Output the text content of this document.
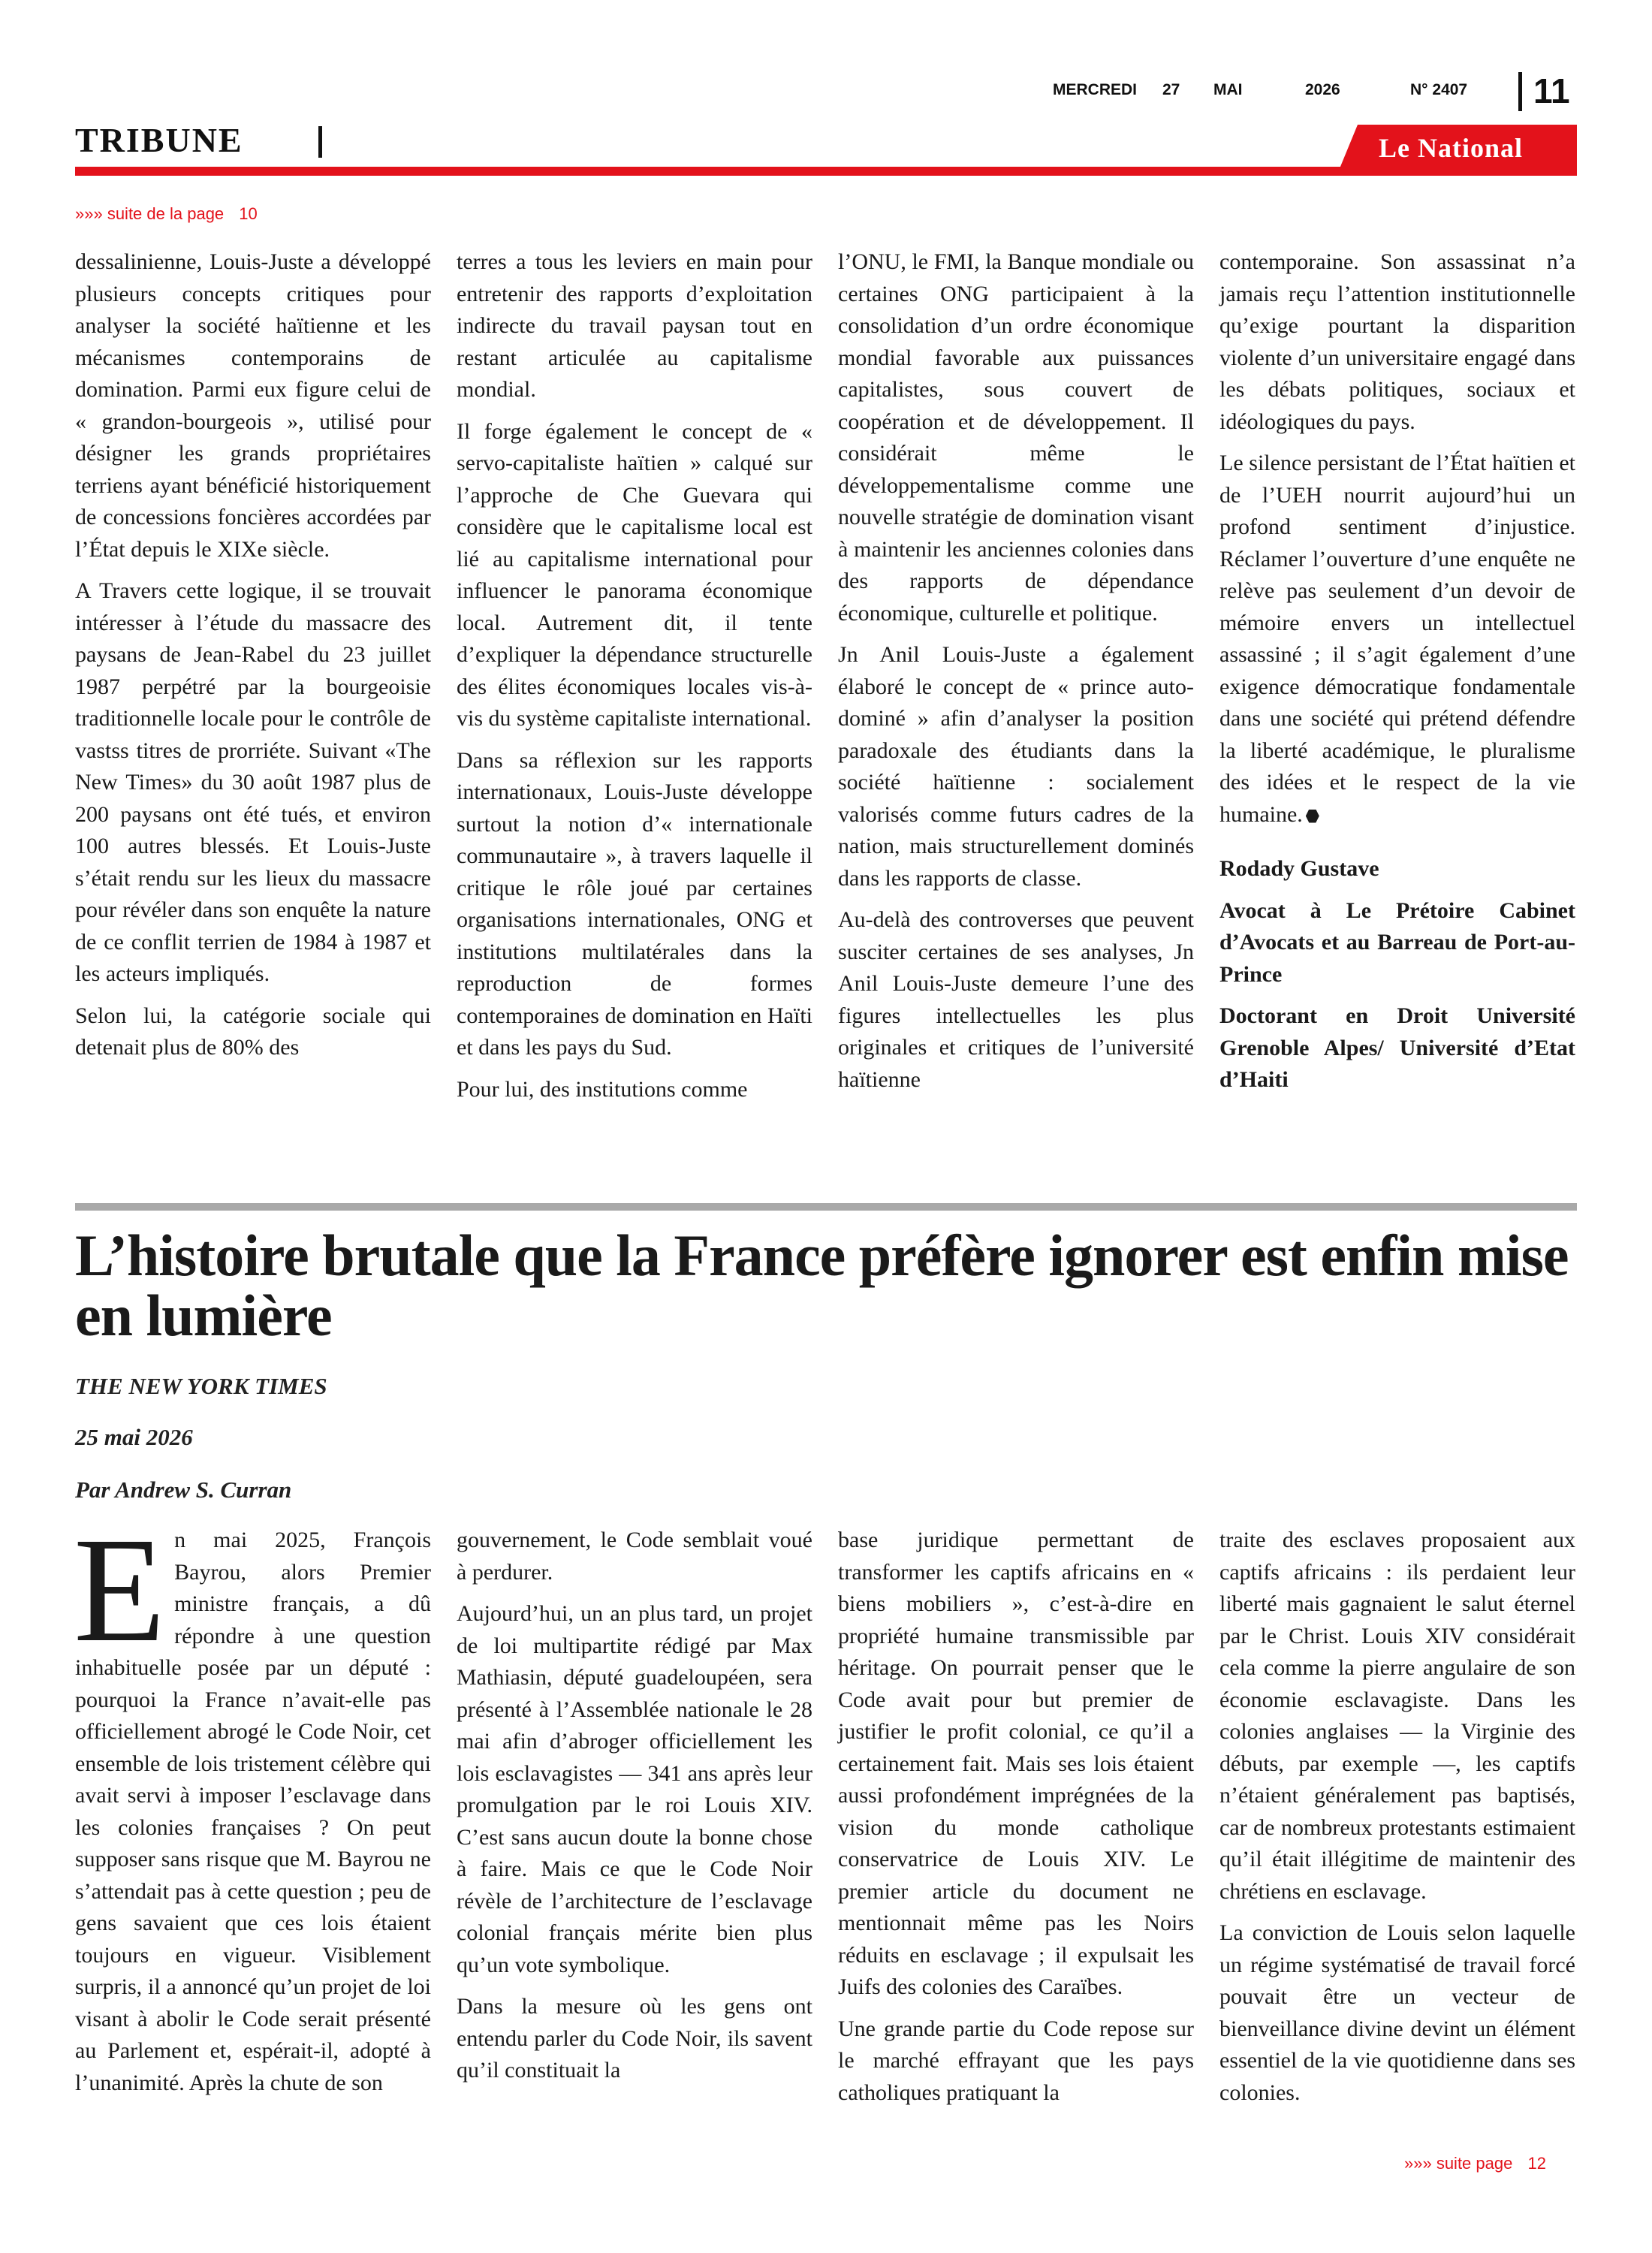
MERCREDI 27 MAI	2026	N° 2407 11
TRIBUNE	Le National
»»» suite de la page 10

dessalinienne, Louis-Juste a développé plusieurs concepts critiques pour analyser la société haïtienne et les mécanismes contemporains de domination. Parmi eux figure celui de « grandon-bourgeois », utilisé pour désigner les grands propriétaires terriens ayant bénéficié historiquement de concessions foncières accordées par l’État depuis le XIXe siècle.

A Travers cette logique, il se trouvait intéresser à l’étude du massacre des paysans de Jean-Rabel du 23 juillet 1987 perpétré par la bourgeoisie traditionnelle locale pour le contrôle de vastss titres de prorriéte. Suivant «The New Times» du 30 août 1987 plus de 200 paysans ont été tués, et environ 100 autres blessés. Et Louis-Juste s’était rendu sur les lieux du massacre pour révéler dans son enquête la nature de ce conflit terrien de 1984 à 1987 et les acteurs impliqués.

Selon lui, la catégorie sociale qui detenait plus de 80% des

terres a tous les leviers en main pour entretenir des rapports d’exploitation indirecte du travail paysan tout en restant articulée au capitalisme mondial.

Il forge également le concept de « servo-capitaliste haïtien » calqué sur l’approche de Che Guevara qui considère que le capitalisme local est lié au capitalisme international pour influencer le panorama économique local. Autrement dit, il tente d’expliquer la dépendance structurelle des élites économiques locales vis-à-vis du système capitaliste international.

Dans sa réflexion sur les rapports internationaux, Louis-Juste développe surtout la notion d’« internationale communautaire », à travers laquelle il critique le rôle joué par certaines organisations internationales, ONG et institutions multilatérales dans la reproduction de formes contemporaines de domination en Haïti et dans les pays du Sud.

Pour lui, des institutions comme

l’ONU, le FMI, la Banque mondiale ou certaines ONG participaient à la consolidation d’un ordre économique mondial favorable aux puissances capitalistes, sous couvert de coopération et de développement. Il considérait même le développementalisme comme une nouvelle stratégie de domination visant à maintenir les anciennes colonies dans des rapports de dépendance économique, culturelle et politique.

Jn Anil Louis-Juste a également élaboré le concept de « prince auto-dominé » afin d’analyser la position paradoxale des étudiants dans la société haïtienne : socialement valorisés comme futurs cadres de la nation, mais structurellement dominés dans les rapports de classe.

Au-delà des controverses que peuvent susciter certaines de ses analyses, Jn Anil Louis-Juste demeure l’une des figures intellectuelles les plus originales et critiques de l’université haïtienne

contemporaine. Son assassinat n’a jamais reçu l’attention institutionnelle qu’exige pourtant la disparition violente d’un universitaire engagé dans les débats politiques, sociaux et idéologiques du pays.

Le silence persistant de l’État haïtien et de l’UEH nourrit aujourd’hui un profond sentiment d’injustice. Réclamer l’ouverture d’une enquête ne relève pas seulement d’un devoir de mémoire envers un intellectuel assassiné ; il s’agit également d’une exigence démocratique fondamentale dans une société qui prétend défendre la liberté académique, le pluralisme des idées et le respect de la vie humaine.

Rodady Gustave

Avocat à Le Prétoire Cabinet d’Avocats et au Barreau de Port-au-Prince

Doctorant en Droit Université Grenoble Alpes/ Université d’Etat d’Haiti

L’histoire brutale que la France préfère ignorer est enfin mise en lumière
THE NEW YORK TIMES
25 mai 2026
Par Andrew S. Curran

En mai 2025, François Bayrou, alors Premier ministre français, a dû répondre à une question inhabituelle posée par un député : pourquoi la France n’avait-elle pas officiellement abrogé le Code Noir, cet ensemble de lois tristement célèbre qui avait servi à imposer l’esclavage dans les colonies françaises ? On peut supposer sans risque que M. Bayrou ne s’attendait pas à cette question ; peu de gens savaient que ces lois étaient toujours en vigueur. Visiblement surpris, il a annoncé qu’un projet de loi visant à abolir le Code serait présenté au Parlement et, espérait-il, adopté à l’unanimité. Après la chute de son

gouvernement, le Code semblait voué à perdurer.

Aujourd’hui, un an plus tard, un projet de loi multipartite rédigé par Max Mathiasin, député guadeloupéen, sera présenté à l’Assemblée nationale le 28 mai afin d’abroger officiellement les lois esclavagistes — 341 ans après leur promulgation par le roi Louis XIV. C’est sans aucun doute la bonne chose à faire. Mais ce que le Code Noir révèle de l’architecture de l’esclavage colonial français mérite bien plus qu’un vote symbolique.

Dans la mesure où les gens ont entendu parler du Code Noir, ils savent qu’il constituait la

base juridique permettant de transformer les captifs africains en « biens mobiliers », c’est-à-dire en propriété humaine transmissible par héritage. On pourrait penser que le Code avait pour but premier de justifier le profit colonial, ce qu’il a certainement fait. Mais ses lois étaient aussi profondément imprégnées de la vision du monde catholique conservatrice de Louis XIV. Le premier article du document ne mentionnait même pas les Noirs réduits en esclavage ; il expulsait les Juifs des colonies des Caraïbes.

Une grande partie du Code repose sur le marché effrayant que les pays catholiques pratiquant la

traite des esclaves proposaient aux captifs africains : ils perdaient leur liberté mais gagnaient le salut éternel par le Christ. Louis XIV considérait cela comme la pierre angulaire de son économie esclavagiste. Dans les colonies anglaises — la Virginie des débuts, par exemple —, les captifs n’étaient généralement pas baptisés, car de nombreux protestants estimaient qu’il était illégitime de maintenir des chrétiens en esclavage.

La conviction de Louis selon laquelle un régime systématisé de travail forcé pouvait être un vecteur de bienveillance divine devint un élément essentiel de la vie quotidienne dans ses colonies.

»»» suite page 12
